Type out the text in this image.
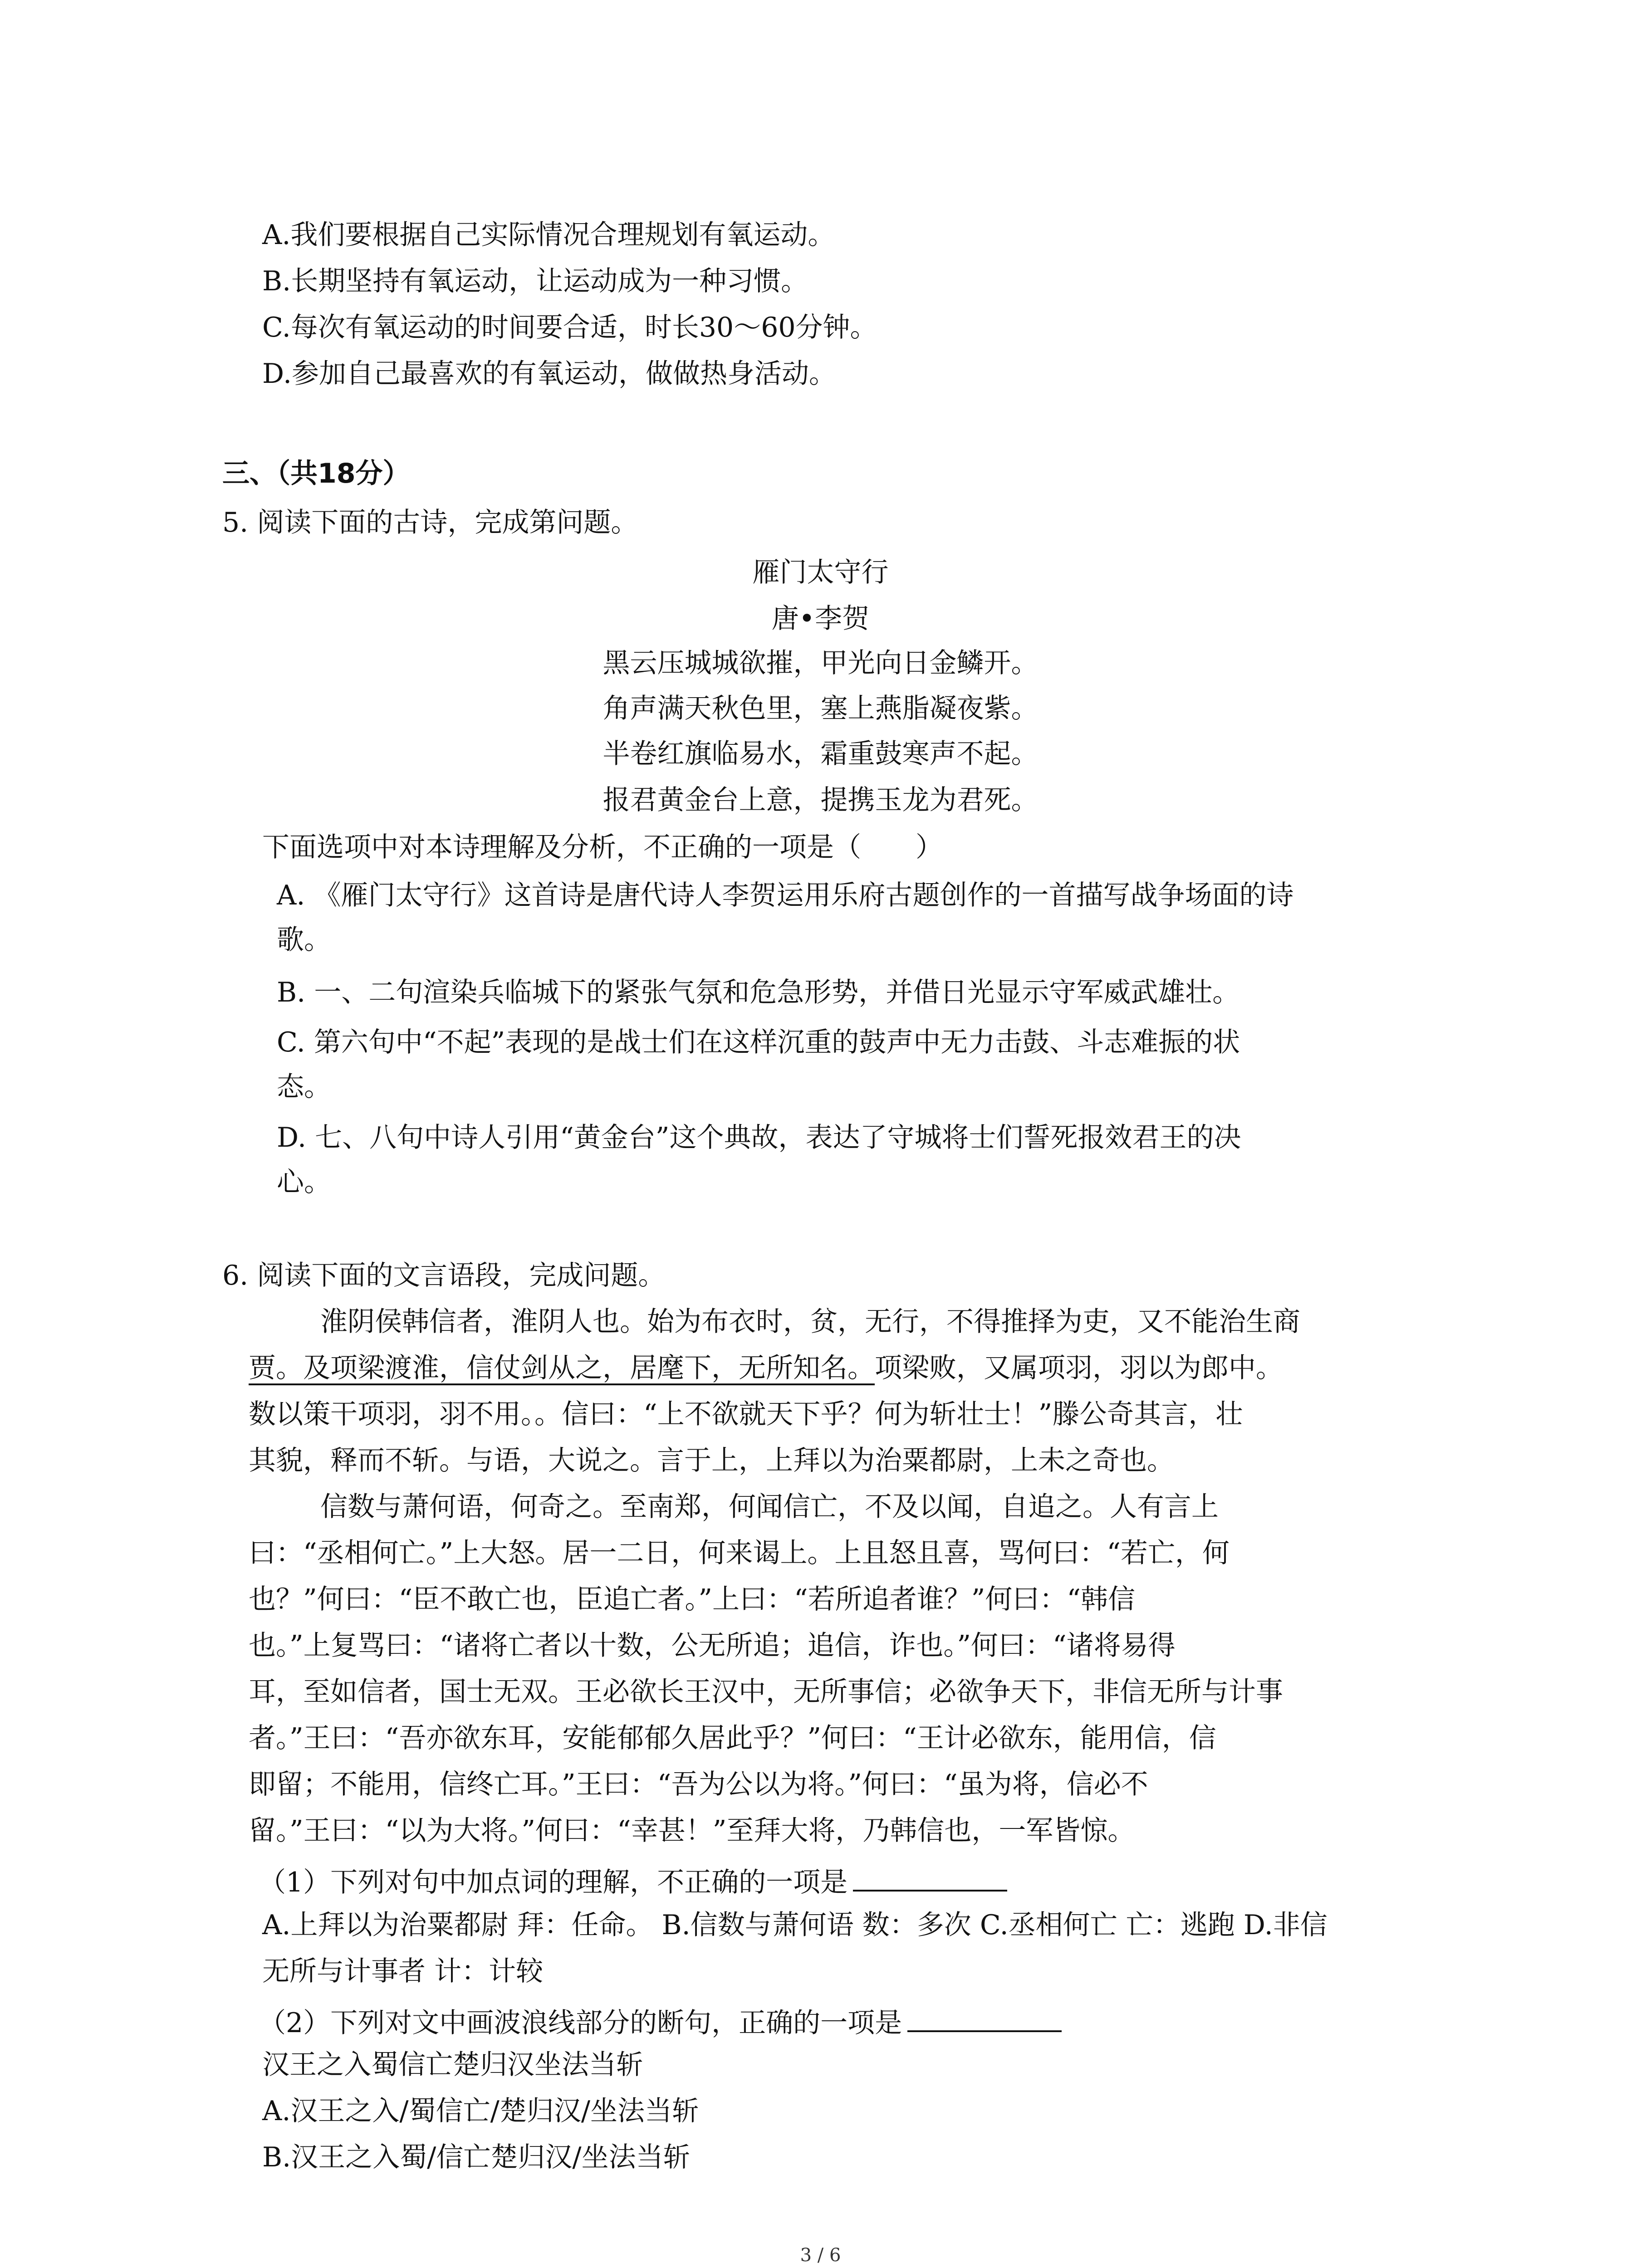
A.我们要根据自己实际情况合理规划有氧运动。
B.长期坚持有氧运动，让运动成为一种习惯。
C.每次有氧运动的时间要合适，时长30～60分钟。
D.参加自己最喜欢的有氧运动，做做热身活动。
三、（共18分）
5. 阅读下面的古诗，完成第问题。
雁门太守行
唐•李贺
黑云压城城欲摧，甲光向日金鳞开。
角声满天秋色里，塞上燕脂凝夜紫。
半卷红旗临易水，霜重鼓寒声不起。
报君黄金台上意，提携玉龙为君死。
下面选项中对本诗理解及分析，不正确的一项是（　　）
A. 《雁门太守行》这首诗是唐代诗人李贺运用乐府古题创作的一首描写战争场面的诗
歌。
B. 一、二句渲染兵临城下的紧张气氛和危急形势，并借日光显示守军威武雄壮。
C. 第六句中“不起”表现的是战士们在这样沉重的鼓声中无力击鼓、斗志难振的状
态。
D. 七、八句中诗人引用“黄金台”这个典故，表达了守城将士们誓死报效君王的决
心。
6. 阅读下面的文言语段，完成问题。
淮阴侯韩信者，淮阴人也。始为布衣时，贫，无行，不得推择为吏，又不能治生商
贾。及项梁渡淮，信仗剑从之，居麾下，无所知名。项梁败，又属项羽，羽以为郎中。
数以策干项羽，羽不用。。信曰：“上不欲就天下乎？何为斩壮士！”滕公奇其言，壮
其貌，释而不斩。与语，大说之。言于上，上拜以为治粟都尉，上未之奇也。
信数与萧何语，何奇之。至南郑，何闻信亡，不及以闻，自追之。人有言上
曰：“丞相何亡。”上大怒。居一二日，何来谒上。上且怒且喜，骂何曰：“若亡，何
也？”何曰：“臣不敢亡也，臣追亡者。”上曰：“若所追者谁？”何曰：“韩信
也。”上复骂曰：“诸将亡者以十数，公无所追；追信，诈也。”何曰：“诸将易得
耳，至如信者，国士无双。王必欲长王汉中，无所事信；必欲争天下，非信无所与计事
者。”王曰：“吾亦欲东耳，安能郁郁久居此乎？”何曰：“王计必欲东，能用信，信
即留；不能用，信终亡耳。”王曰：“吾为公以为将。”何曰：“虽为将，信必不
留。”王曰：“以为大将。”何曰：“幸甚！”至拜大将，乃韩信也，一军皆惊。
（1）下列对句中加点词的理解，不正确的一项是
A.上拜以为治粟都尉 拜：任命。 B.信数与萧何语 数：多次 C.丞相何亡 亡：逃跑 D.非信
无所与计事者 计：计较
（2）下列对文中画波浪线部分的断句，正确的一项是
汉王之入蜀信亡楚归汉坐法当斩
A.汉王之入/蜀信亡/楚归汉/坐法当斩
B.汉王之入蜀/信亡楚归汉/坐法当斩
3 / 6
